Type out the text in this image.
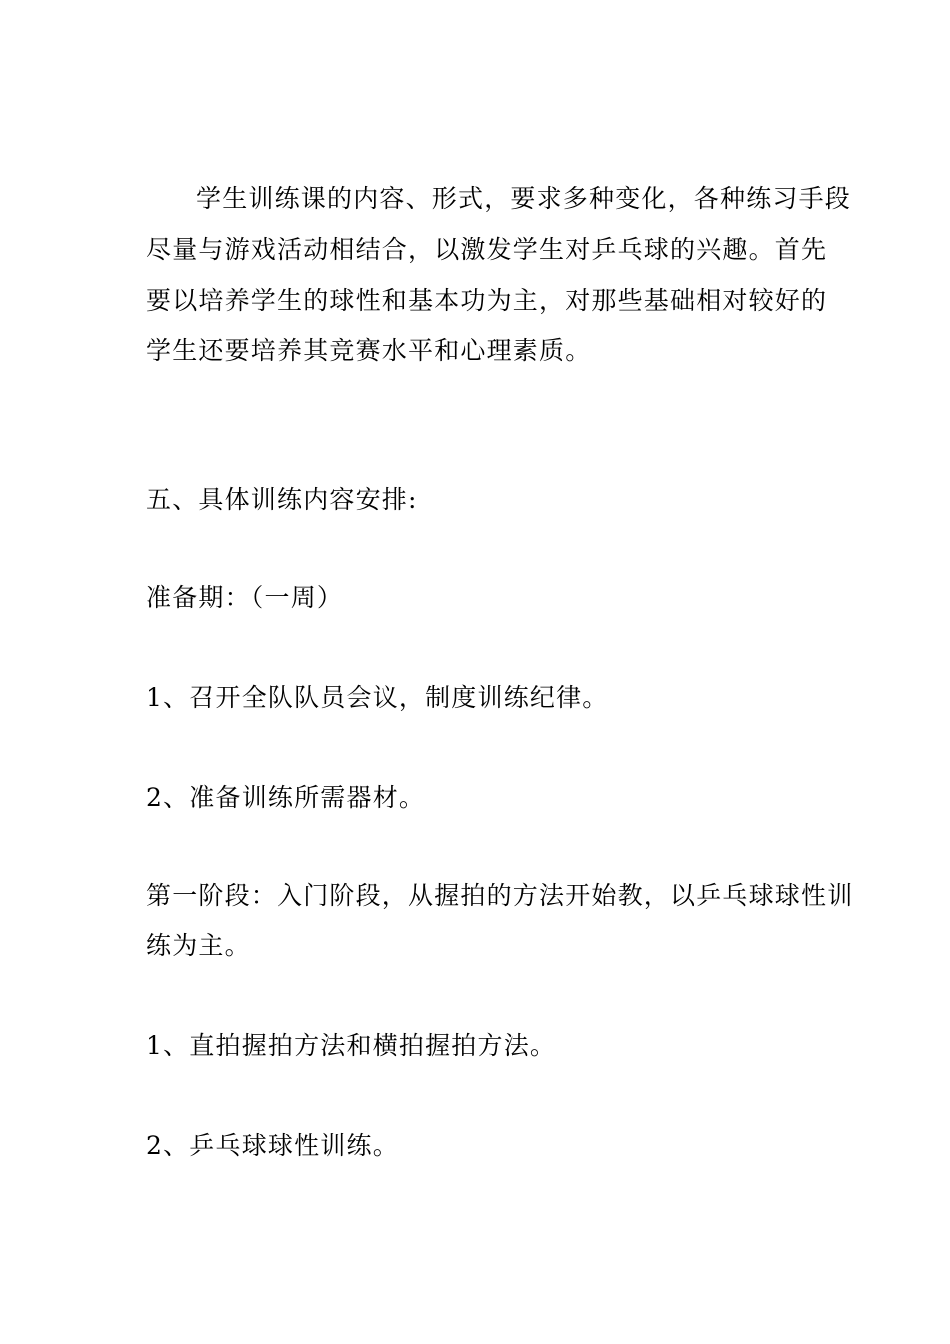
学生训练课的内容、形式，要求多种变化，各种练习手段
尽量与游戏活动相结合，以激发学生对乒乓球的兴趣。首先
要以培养学生的球性和基本功为主，对那些基础相对较好的
学生还要培养其竞赛水平和心理素质。
五、具体训练内容安排:
准备期：（一周）
1、召开全队队员会议，制度训练纪律。
2、准备训练所需器材。
第一阶段：入门阶段，从握拍的方法开始教，以乒乓球球性训
练为主。
1、直拍握拍方法和横拍握拍方法。
2、乒乓球球性训练。
